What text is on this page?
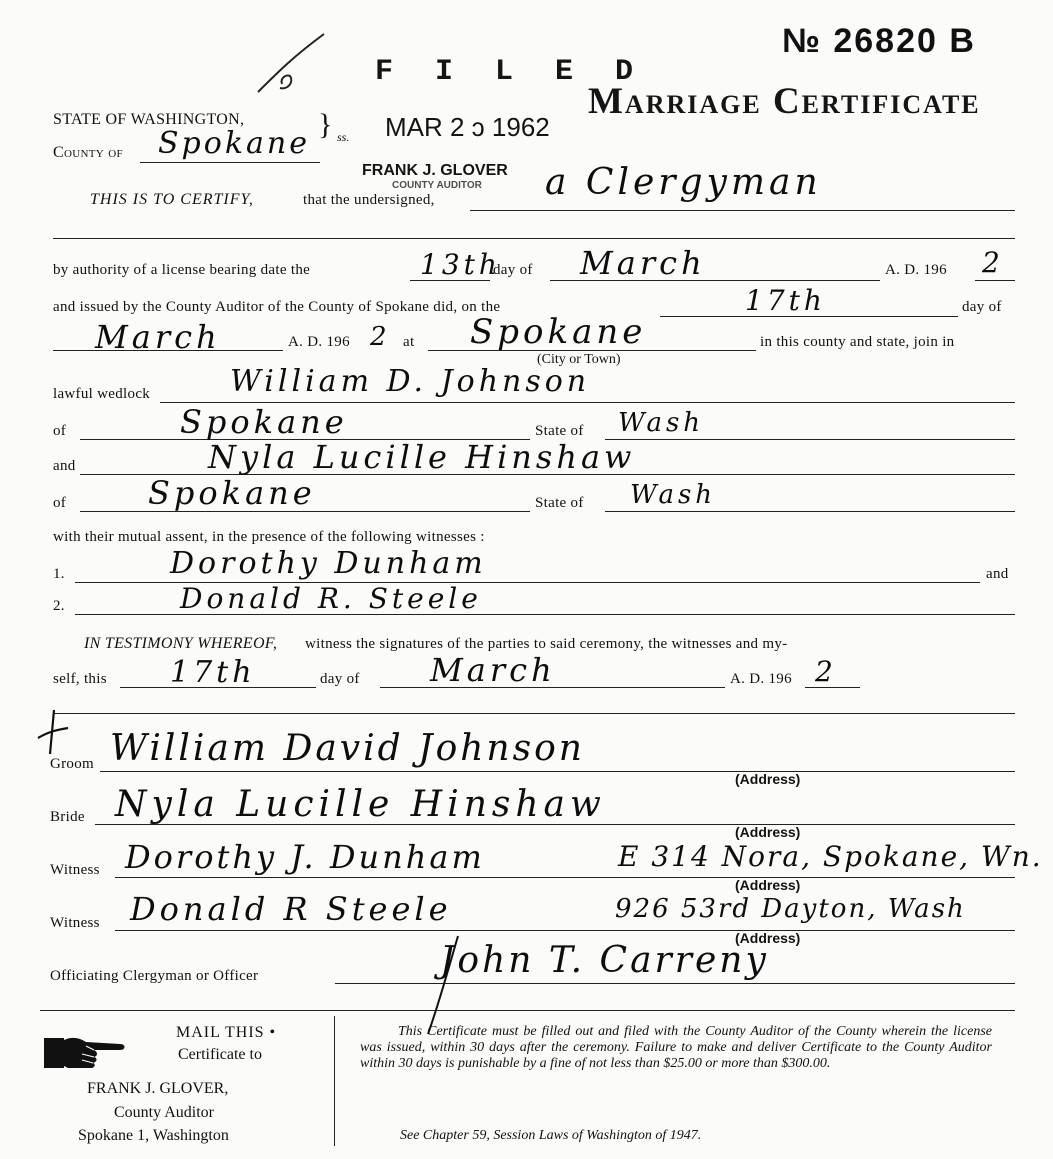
№ 26820 B
Marriage Certificate
STATE OF WASHINGTON, } ss.
County of Spokane
F I L E D
MAR 2 ɔ 1962
FRANK J. GLOVER
COUNTY AUDITOR
THIS IS TO CERTIFY,	that the undersigned,	a Clergyman
by authority of a license bearing date the	13th
day of March	A. D. 196 2
and issued by the County Auditor of the County of Spokane did, on the	17th	day of
March	A. D. 196 2 at Spokane
(City or Town)
in this county and state, join in
lawful wedlock	William D. Johnson
of	Spokane	State of Wash
and	Nyla Lucille Hinshaw
of	Spokane	State of Wash
with their mutual assent, in the presence of the following witnesses :
1.	Dorothy Dunham	and
2.	Donald R. Steele
IN TESTIMONY WHEREOF, witness the signatures of the parties to said ceremony, the witnesses and my-
self, this 17th	day of March	A. D. 196 2
Groom William David Johnson
(Address)
Bride Nyla Lucille Hinshaw
(Address)
Witness Dorothy J. Dunham	E 314 Nora, Spokane, Wn.
(Address)
Witness Donald R Steele	926 53rd Dayton, Wash
(Address)
Officiating Clergyman or Officer	John T. Carreny
MAIL THIS •
Certificate to
FRANK J. GLOVER,
County Auditor
Spokane 1, Washington
This Certificate must be filled out and filed with the County Auditor of the County wherein the license was issued, within 30 days after the ceremony. Failure to make and deliver Certificate to the County Auditor within 30 days is punishable by a fine of not less than $25.00 or more than $300.00.
See Chapter 59, Session Laws of Washington of 1947.
